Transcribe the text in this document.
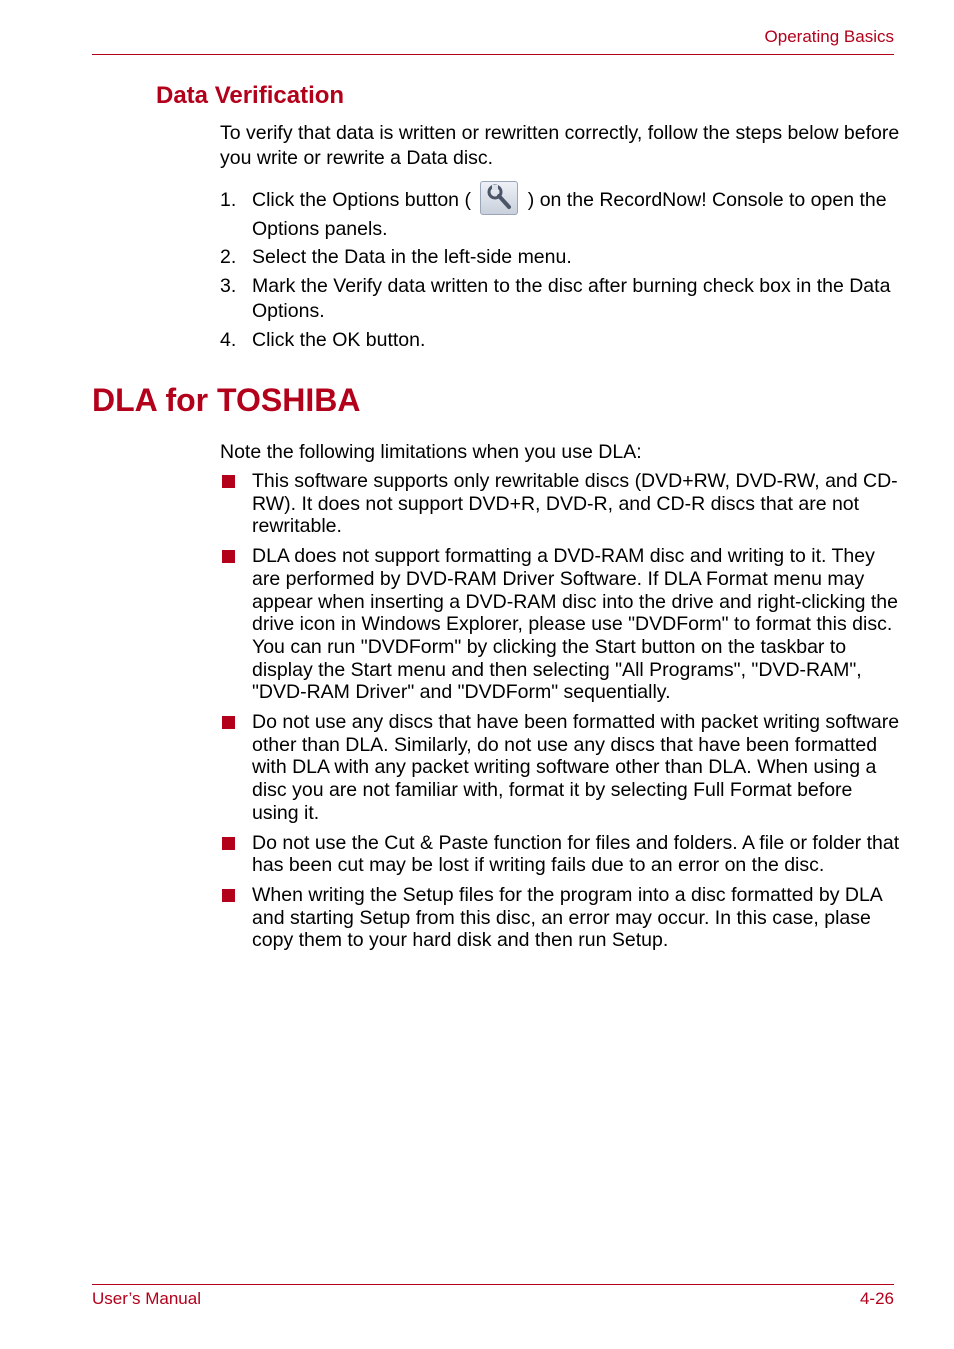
Operating Basics
Data Verification

To verify that data is written or rewritten correctly, follow the steps below before you write or rewrite a Data disc.

1. Click the Options button (	) on the RecordNow! Console to open the Options panels.
2. Select the Data in the left-side menu.
3. Mark the Verify data written to the disc after burning check box in the Data Options.
4. Click the OK button.
DLA for TOSHIBA

Note the following limitations when you use DLA:

This software supports only rewritable discs (DVD+RW, DVD-RW, and CD-RW). It does not support DVD+R, DVD-R, and CD-R discs that are not rewritable.
DLA does not support formatting a DVD-RAM disc and writing to it. They are performed by DVD-RAM Driver Software. If DLA Format menu may appear when inserting a DVD-RAM disc into the drive and right-clicking the drive icon in Windows Explorer, please use "DVDForm" to format this disc. You can run "DVDForm" by clicking the Start button on the taskbar to display the Start menu and then selecting "All Programs", "DVD-RAM", "DVD-RAM Driver" and "DVDForm" sequentially.
Do not use any discs that have been formatted with packet writing software other than DLA. Similarly, do not use any discs that have been formatted with DLA with any packet writing software other than DLA. When using a disc you are not familiar with, format it by selecting Full Format before using it.
Do not use the Cut & Paste function for files and folders. A file or folder that has been cut may be lost if writing fails due to an error on the disc.
When writing the Setup files for the program into a disc formatted by DLA and starting Setup from this disc, an error may occur. In this case, plase copy them to your hard disk and then run Setup.
User’s Manual	4-26
